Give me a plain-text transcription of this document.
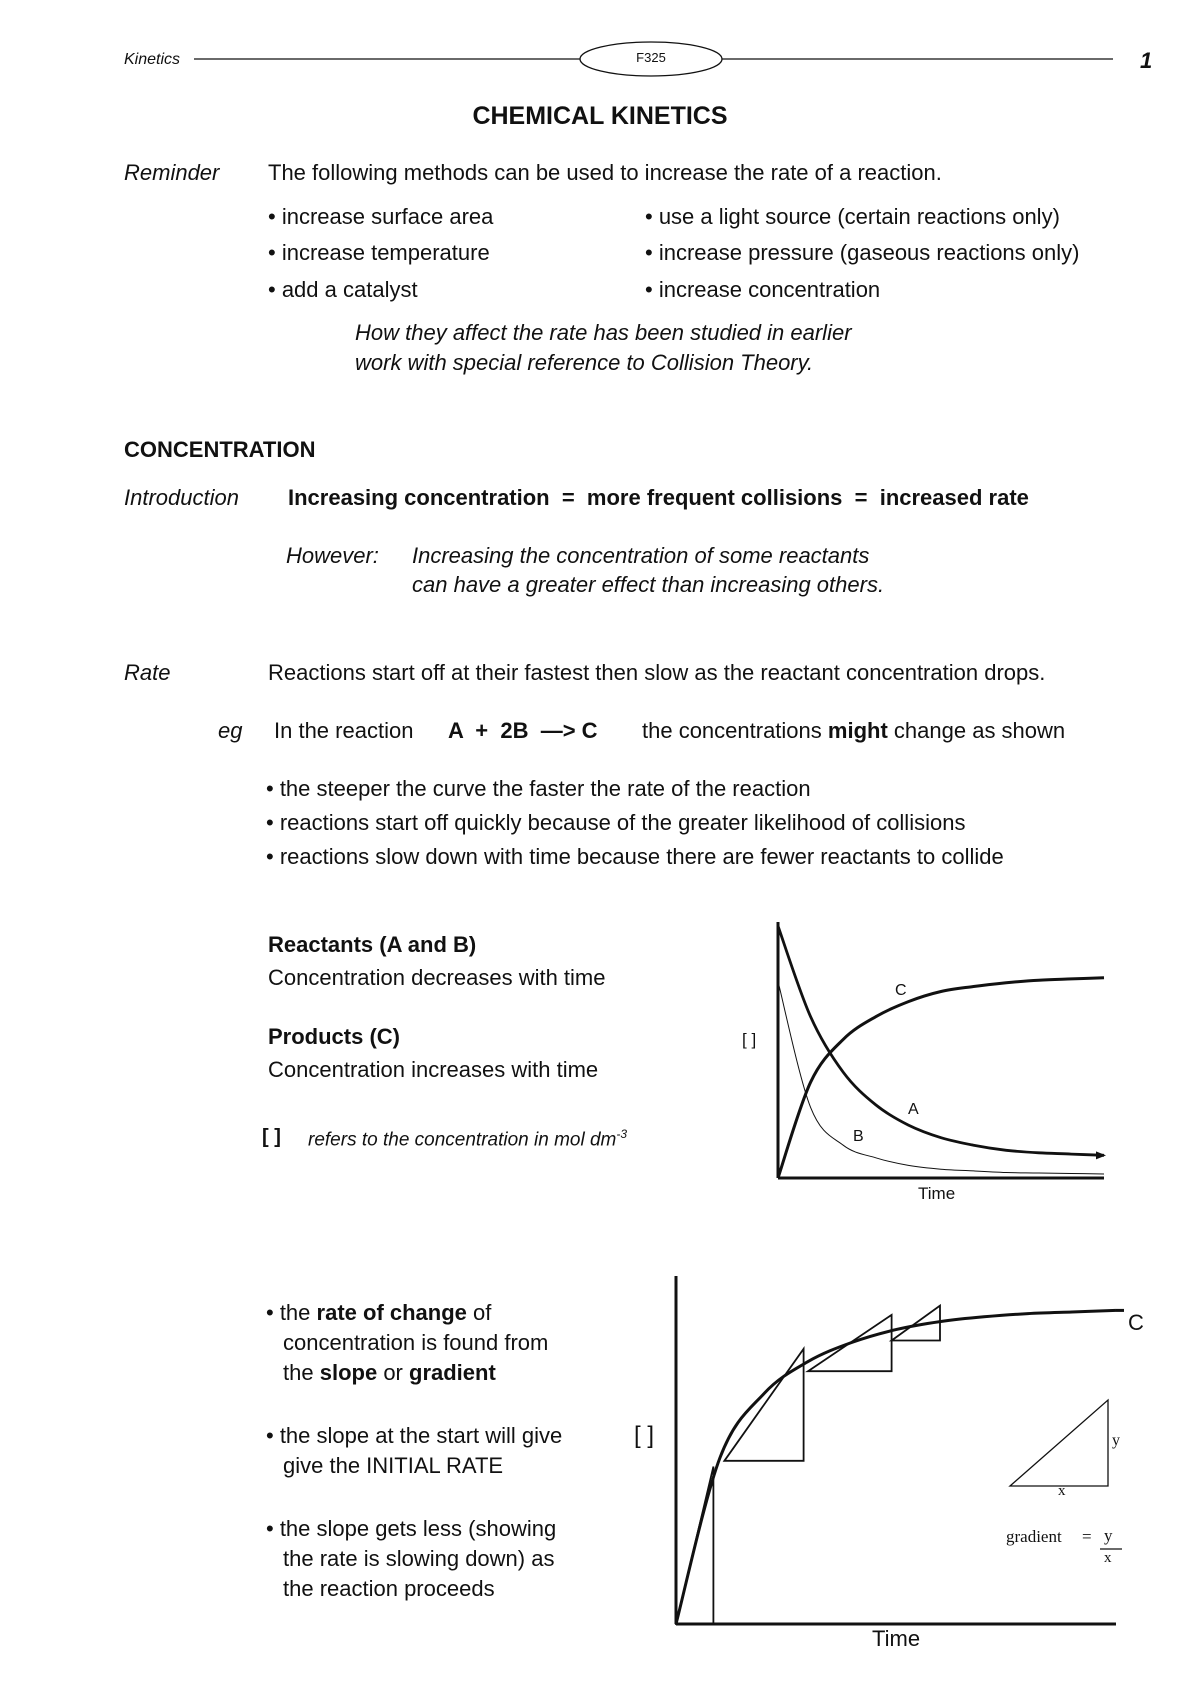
Kinetics	F325	1
CHEMICAL KINETICS
Reminder The following methods can be used to increase the rate of a reaction.
• increase surface area
• increase temperature
• add a catalyst
• use a light source (certain reactions only)
• increase pressure (gaseous reactions only)
• increase concentration
How they affect the rate has been studied in earlier
work with special reference to Collision Theory.
CONCENTRATION
Introduction Increasing concentration  =  more frequent collisions  =  increased rate
However: Increasing the concentration of some reactants
can have a greater effect than increasing others.
Rate	Reactions start off at their fastest then slow as the reactant concentration drops.
eg In the reaction A  +  2B  —> C the concentrations might change as shown
• the steeper the curve the faster the rate of the reaction
• reactions start off quickly because of the greater likelihood of collisions
• reactions slow down with time because there are fewer reactants to collide
Reactants (A and B)
Concentration decreases with time
Products (C)
Concentration increases with time
[ ] refers to the concentration in mol $dm^{-3}$
[ ]
Time
C
A
B
• the rate of change of
concentration is found from
the slope or gradient
• the slope at the start will give
give the INITIAL RATE
• the slope gets less (showing
the rate is slowing down) as
the reaction proceeds
[ ]
Time
C
y
x
gradient = y
x
